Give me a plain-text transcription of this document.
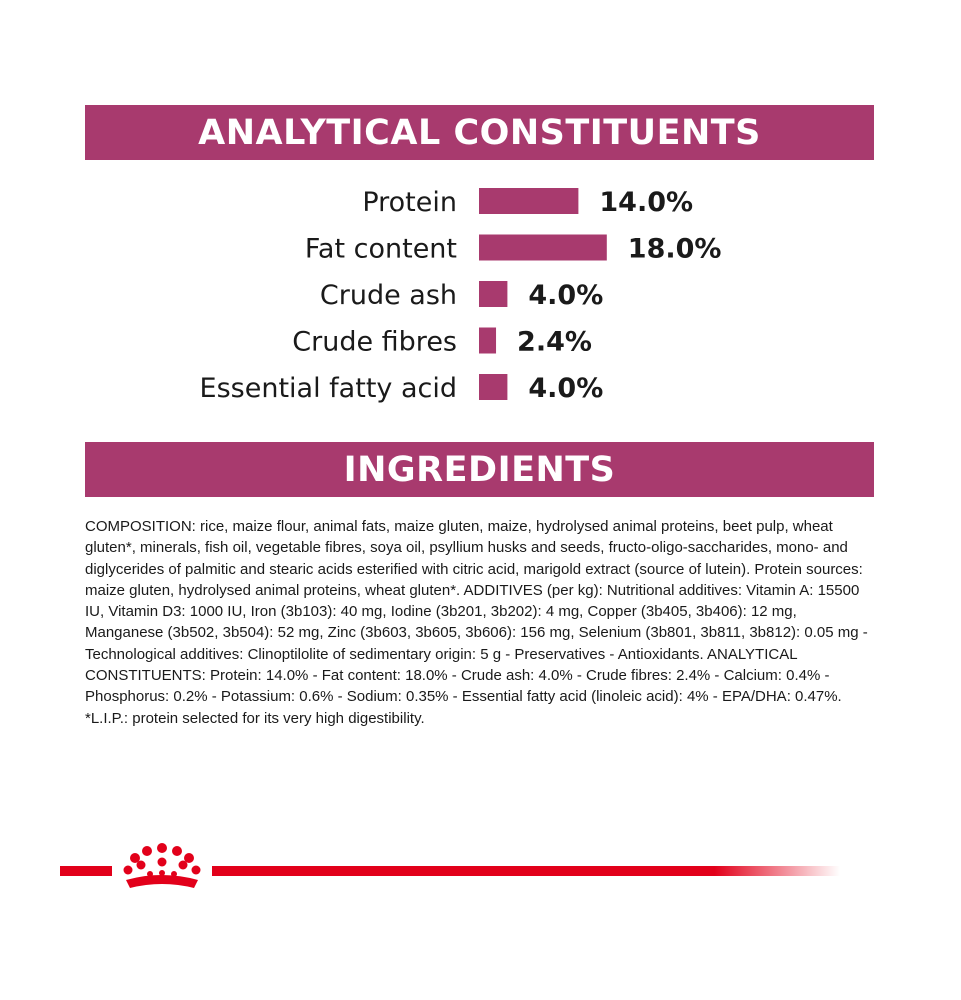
ANALYTICAL CONSTITUENTS
Protein	14.0%
Fat content	18.0%
Crude ash	4.0%
Crude fibres 2.4%
Essential fatty acid	4.0%
INGREDIENTS

COMPOSITION: rice, maize flour, animal fats, maize gluten, maize, hydrolysed animal proteins, beet pulp, wheat gluten*, minerals, fish oil, vegetable fibres, soya oil, psyllium husks and seeds, fructo-oligo-saccharides, mono- and diglycerides of palmitic and stearic acids esterified with citric acid, marigold extract (source of lutein). Protein sources: maize gluten, hydrolysed animal proteins, wheat gluten*. ADDITIVES (per kg): Nutritional additives: Vitamin A: 15500 IU, Vitamin D3: 1000 IU, Iron (3b103): 40 mg, Iodine (3b201, 3b202): 4 mg, Copper (3b405, 3b406): 12 mg, Manganese (3b502, 3b504): 52 mg, Zinc (3b603, 3b605, 3b606): 156 mg, Selenium (3b801, 3b811, 3b812): 0.05 mg - Technological additives: Clinoptilolite of sedimentary origin: 5 g - Preservatives - Antioxidants. ANALYTICAL CONSTITUENTS: Protein: 14.0% - Fat content: 18.0% - Crude ash: 4.0% - Crude fibres: 2.4% - Calcium: 0.4% - Phosphorus: 0.2% - Potassium: 0.6% - Sodium: 0.35% - Essential fatty acid (linoleic acid): 4% - EPA/DHA: 0.47%. *L.I.P.: protein selected for its very high digestibility.
